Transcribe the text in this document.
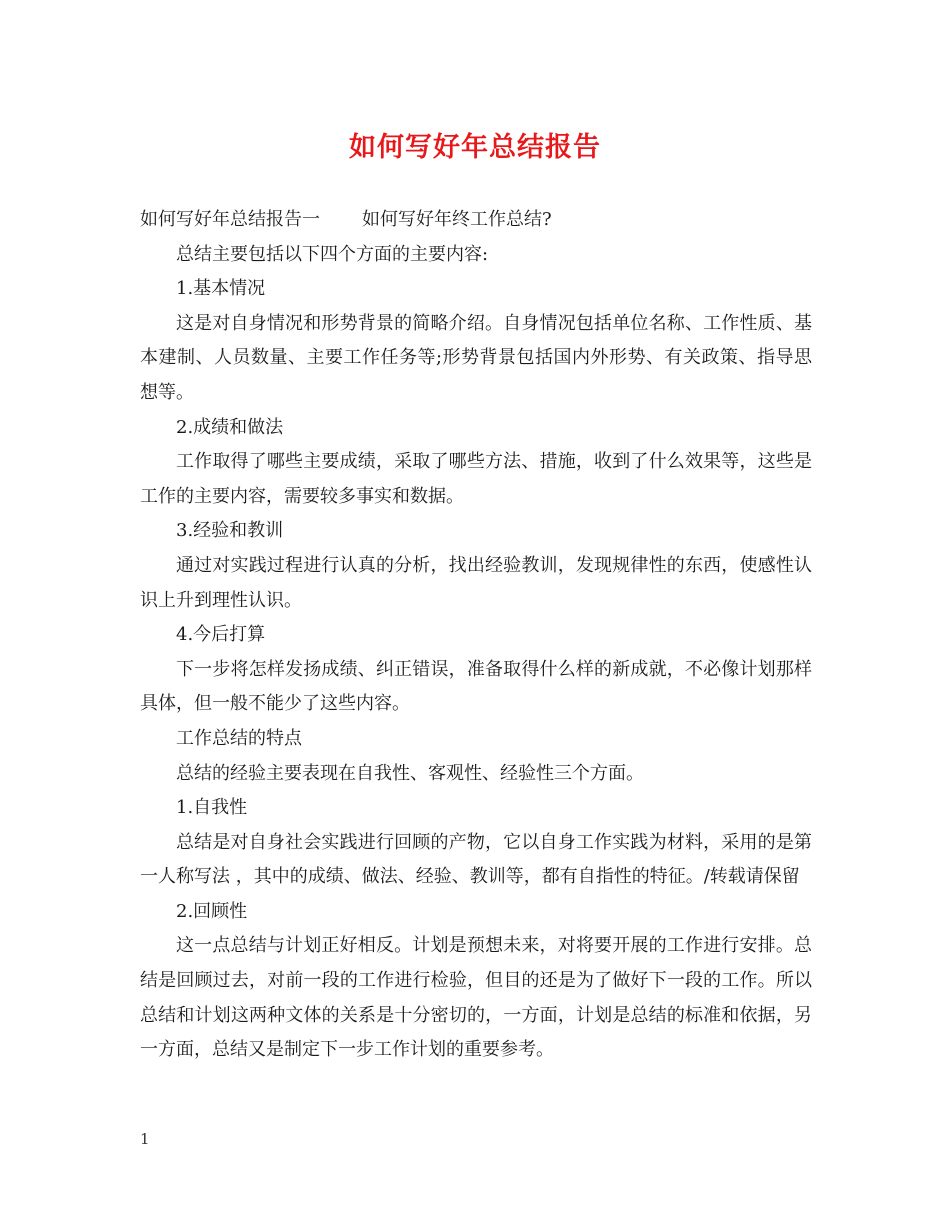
如何写好年总结报告

如何写好年总结报告一 如何写好年终工作总结?

总结主要包括以下四个方面的主要内容:

1.基本情况

这是对自身情况和形势背景的简略介绍。自身情况包括单位名称、工作性质、基本建制、人员数量、主要工作任务等;形势背景包括国内外形势、有关政策、指导思想等。

2.成绩和做法

工作取得了哪些主要成绩，采取了哪些方法、措施，收到了什么效果等，这些是工作的主要内容，需要较多事实和数据。

3.经验和教训

通过对实践过程进行认真的分析，找出经验教训，发现规律性的东西，使感性认识上升到理性认识。

4.今后打算

下一步将怎样发扬成绩、纠正错误，准备取得什么样的新成就，不必像计划那样具体，但一般不能少了这些内容。

工作总结的特点

总结的经验主要表现在自我性、客观性、经验性三个方面。

1.自我性

总结是对自身社会实践进行回顾的产物，它以自身工作实践为材料，采用的是第一人称写法 ，其中的成绩、做法、经验、教训等，都有自指性的特征。/转载请保留

2.回顾性

这一点总结与计划正好相反。计划是预想未来，对将要开展的工作进行安排。总结是回顾过去，对前一段的工作进行检验，但目的还是为了做好下一段的工作。所以总结和计划这两种文体的关系是十分密切的，一方面，计划是总结的标准和依据，另一方面，总结又是制定下一步工作计划的重要参考。

1
